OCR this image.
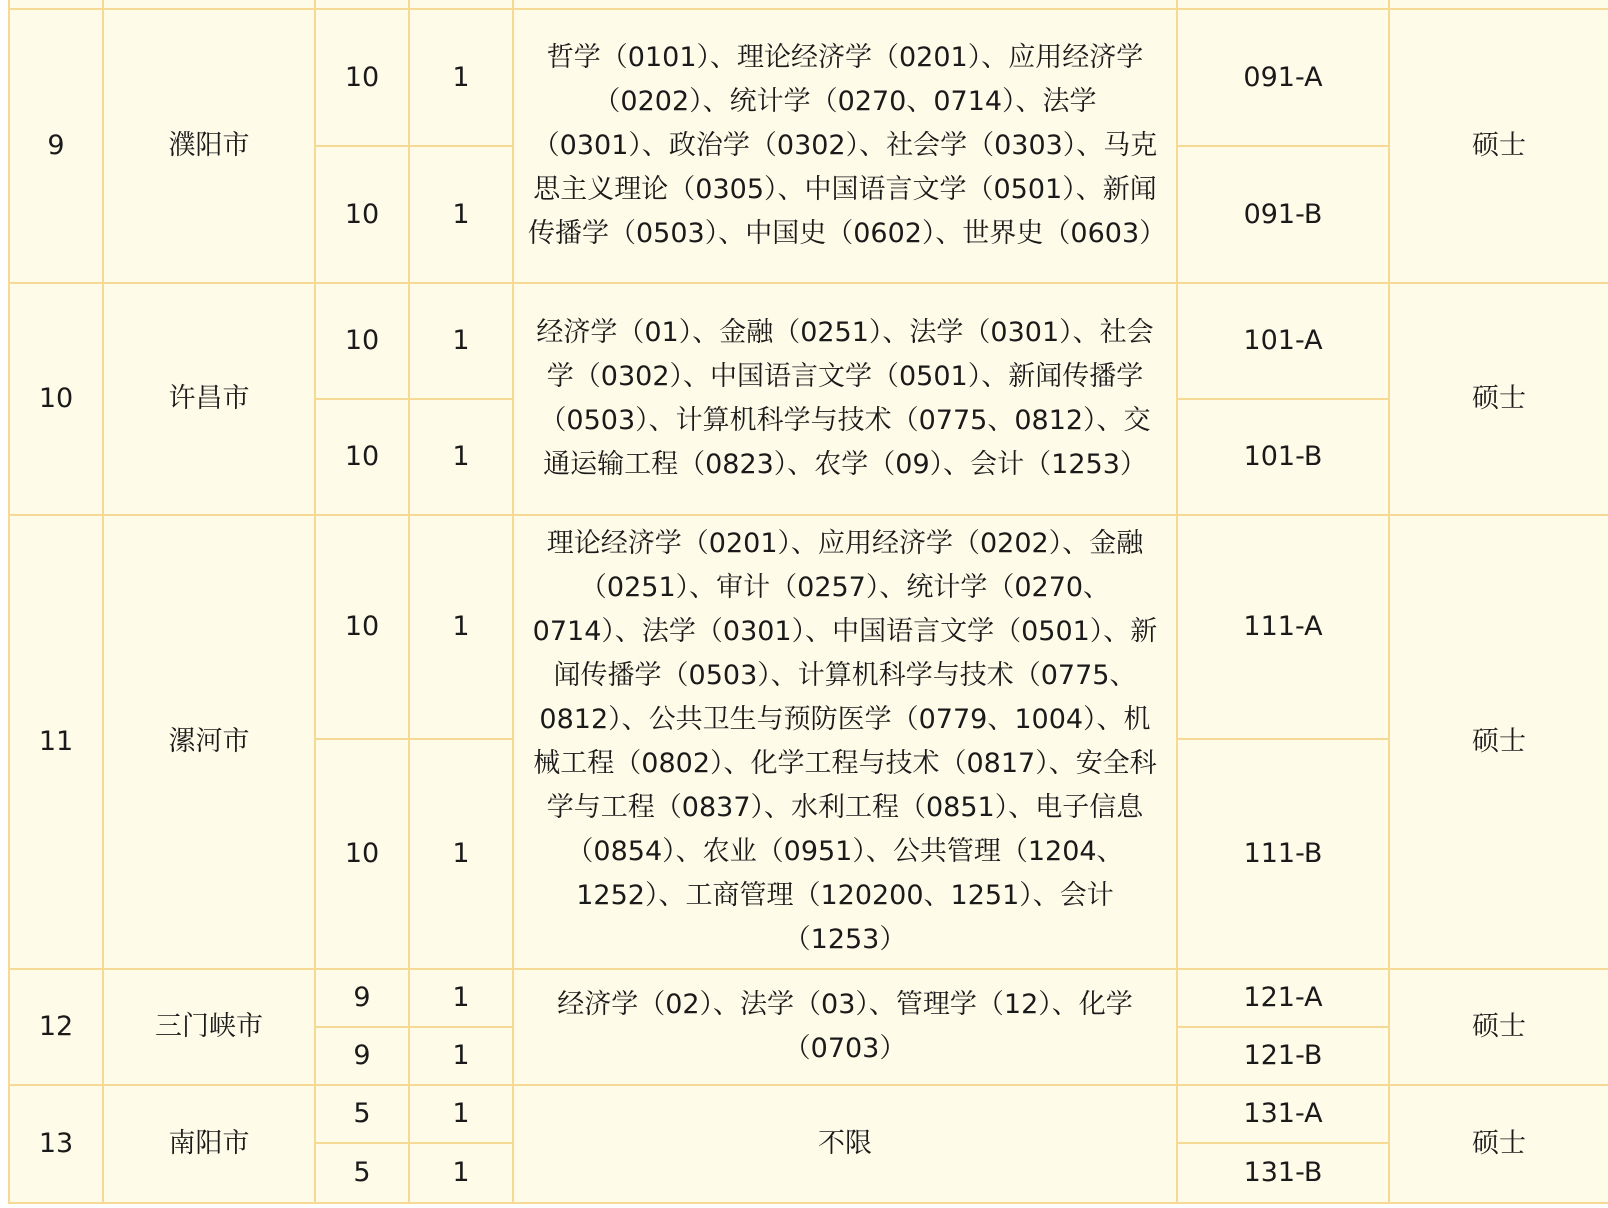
9	濮阳市	10	1	哲学（0101）、理论经济学（0201）、应用经济学（0202）、统计学（0270、0714）、法学（0301）、政治学（0302）、社会学（0303）、马克思主义理论（0305）、中国语言文学（0501）、新闻传播学（0503）、中国史（0602）、世界史（0603）	091-A	硕士
		10	1		091-B	
10	许昌市	10	1	经济学（01）、金融（0251）、法学（0301）、社会学（0302）、中国语言文学（0501）、新闻传播学（0503）、计算机科学与技术（0775、0812）、交通运输工程（0823）、农学（09）、会计（1253）	101-A	硕士
		10	1		101-B	
11	漯河市	10	1	理论经济学（0201）、应用经济学（0202）、金融（0251）、审计（0257）、统计学（0270、0714）、法学（0301）、中国语言文学（0501）、新闻传播学（0503）、计算机科学与技术（0775、0812）、公共卫生与预防医学（0779、1004）、机械工程（0802）、化学工程与技术（0817）、安全科学与工程（0837）、水利工程（0851）、电子信息（0854）、农业（0951）、公共管理（1204、1252）、工商管理（120200、1251）、会计（1253）	111-A	硕士
		10	1		111-B	
12	三门峡市	9	1	经济学（02）、法学（03）、管理学（12）、化学（0703）	121-A	硕士
		9	1		121-B	
13	南阳市	5	1	不限	131-A	硕士
		5	1		131-B	
